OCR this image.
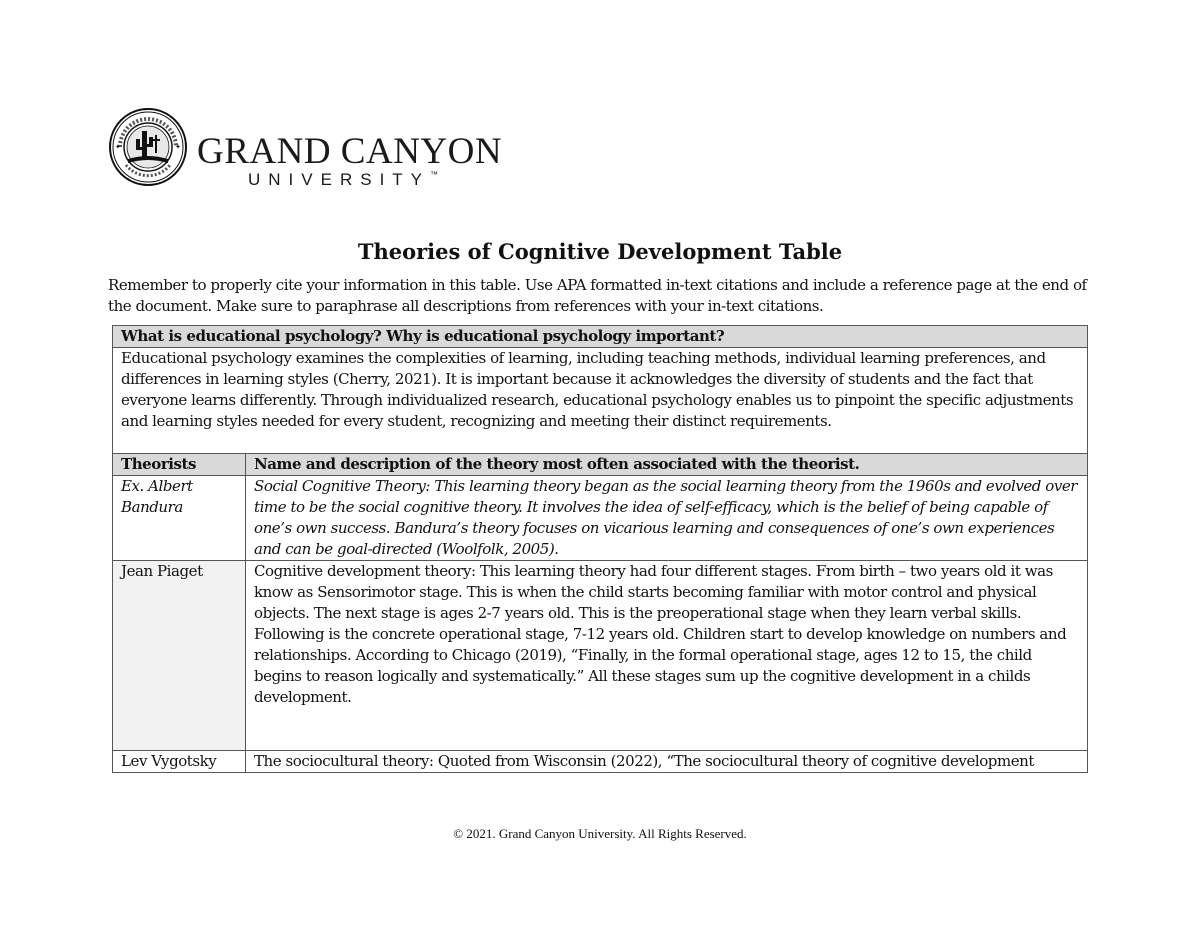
✦	✦ GRAND CANYON
UNIVERSITY™
Theories of Cognitive Development Table
Remember to properly cite your information in this table. Use APA formatted in-text citations and include a reference page at the end of the document. Make sure to paraphrase all descriptions from references with your in-text citations.
What is educational psychology? Why is educational psychology important?	
Educational psychology examines the complexities of learning, including teaching methods, individual learning preferences, and differences in learning styles (Cherry, 2021). It is important because it acknowledges the diversity of students and the fact that everyone learns differently. Through individualized research, educational psychology enables us to pinpoint the specific adjustments and learning styles needed for every student, recognizing and meeting their distinct requirements.	
Theorists	Name and description of the theory most often associated with the theorist.
Ex. Albert Bandura	Social Cognitive Theory: This learning theory began as the social learning theory from the 1960s and evolved over time to be the social cognitive theory. It involves the idea of self-efficacy, which is the belief of being capable of one’s own success. Bandura’s theory focuses on vicarious learning and consequences of one’s own experiences and can be goal-directed (Woolfolk, 2005).
Jean Piaget	Cognitive development theory: This learning theory had four different stages. From birth – two years old it was know as Sensorimotor stage. This is when the child starts becoming familiar with motor control and physical objects. The next stage is ages 2-7 years old. This is the preoperational stage when they learn verbal skills. Following is the concrete operational stage, 7-12 years old. Children start to develop knowledge on numbers and relationships. According to Chicago (2019), “Finally, in the formal operational stage, ages 12 to 15, the child begins to reason logically and systematically.” All these stages sum up the cognitive development in a childs development.
Lev Vygotsky	The sociocultural theory: Quoted from Wisconsin (2022), “The sociocultural theory of cognitive development
© 2021. Grand Canyon University. All Rights Reserved.
